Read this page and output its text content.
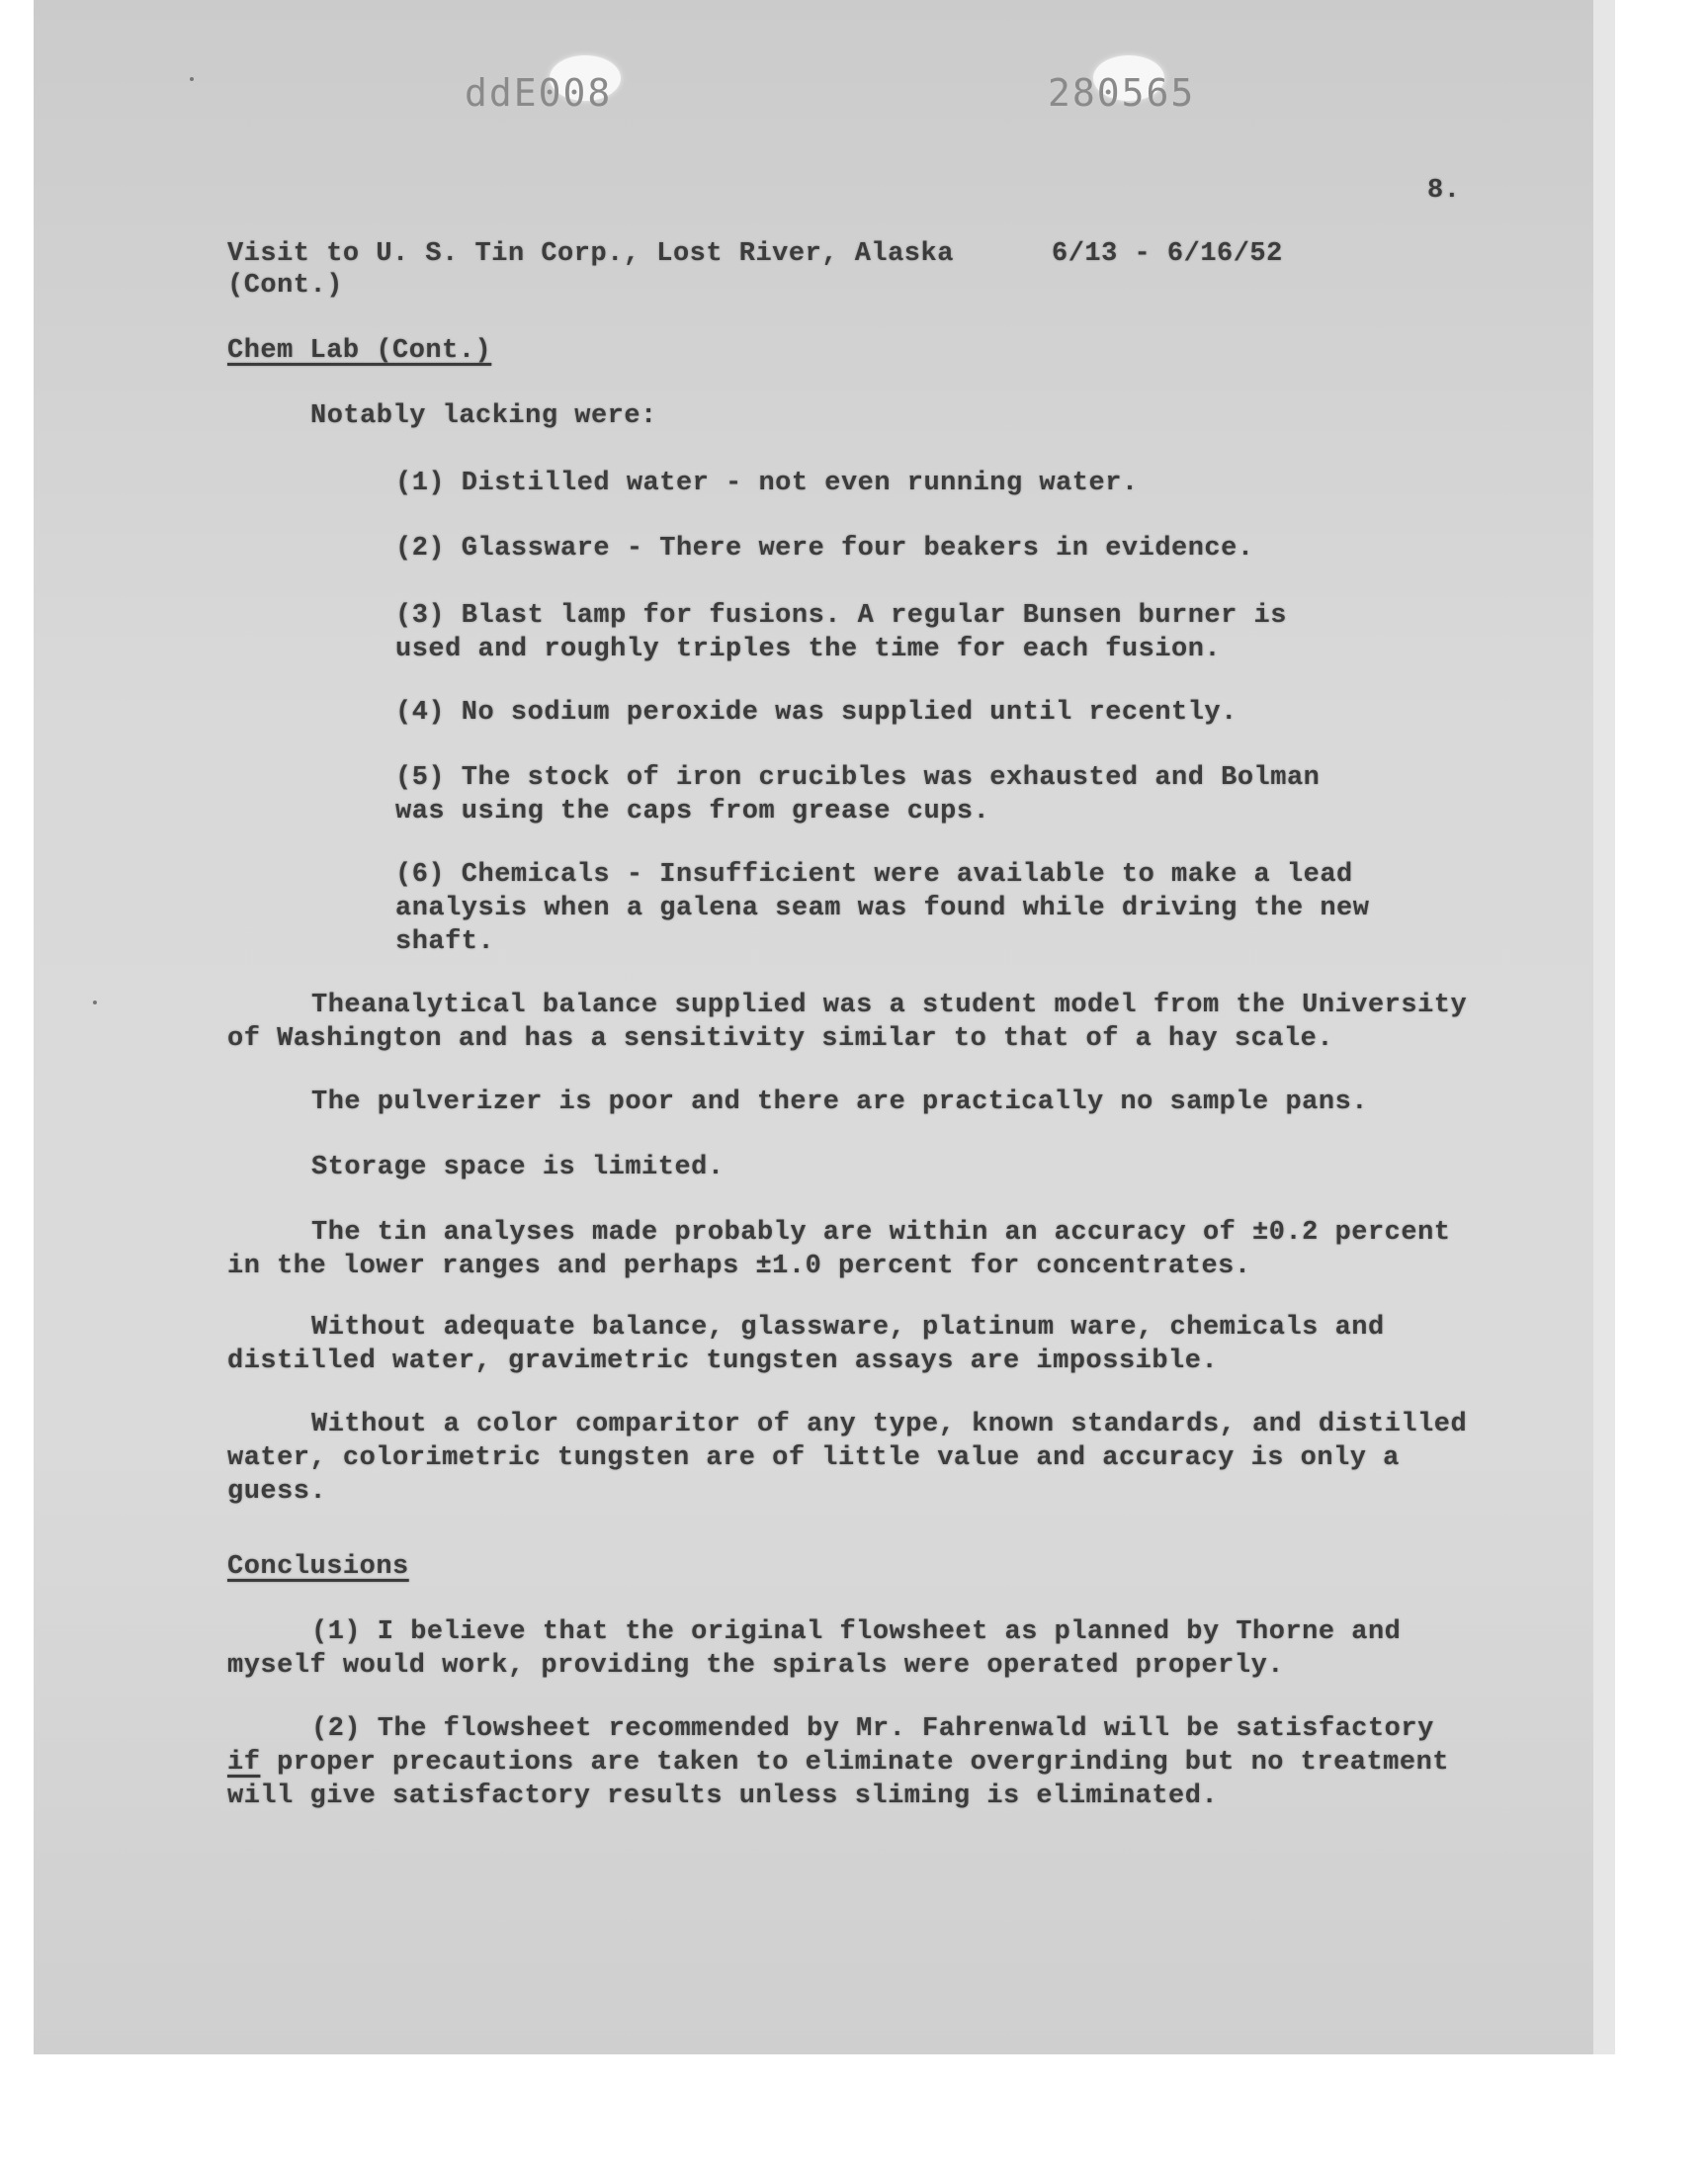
ddE008	280565
8.
Visit to U. S. Tin Corp., Lost River, Alaska
(Cont.)
6/13 - 6/16/52
Chem Lab (Cont.)
Notably lacking were:
(1) Distilled water - not even running water.
(2) Glassware - There were four beakers in evidence.
(3) Blast lamp for fusions. A regular Bunsen burner is used and roughly triples the time for each fusion.
(4) No sodium peroxide was supplied until recently.
(5) The stock of iron crucibles was exhausted and Bolman was using the caps from grease cups.
(6) Chemicals - Insufficient were available to make a lead analysis when a galena seam was found while driving the new shaft.
Theanalytical balance supplied was a student model from the University of Washington and has a sensitivity similar to that of a hay scale.
The pulverizer is poor and there are practically no sample pans.
Storage space is limited.
The tin analyses made probably are within an accuracy of ±0.2 percent in the lower ranges and perhaps ±1.0 percent for concentrates.
Without adequate balance, glassware, platinum ware, chemicals and distilled water, gravimetric tungsten assays are impossible.
Without a color comparitor of any type, known standards, and distilled water, colorimetric tungsten are of little value and accuracy is only a guess.
Conclusions
(1) I believe that the original flowsheet as planned by Thorne and myself would work, providing the spirals were operated properly.
(2) The flowsheet recommended by Mr. Fahrenwald will be satisfactory if proper precautions are taken to eliminate overgrinding but no treatment will give satisfactory results unless sliming is eliminated.
